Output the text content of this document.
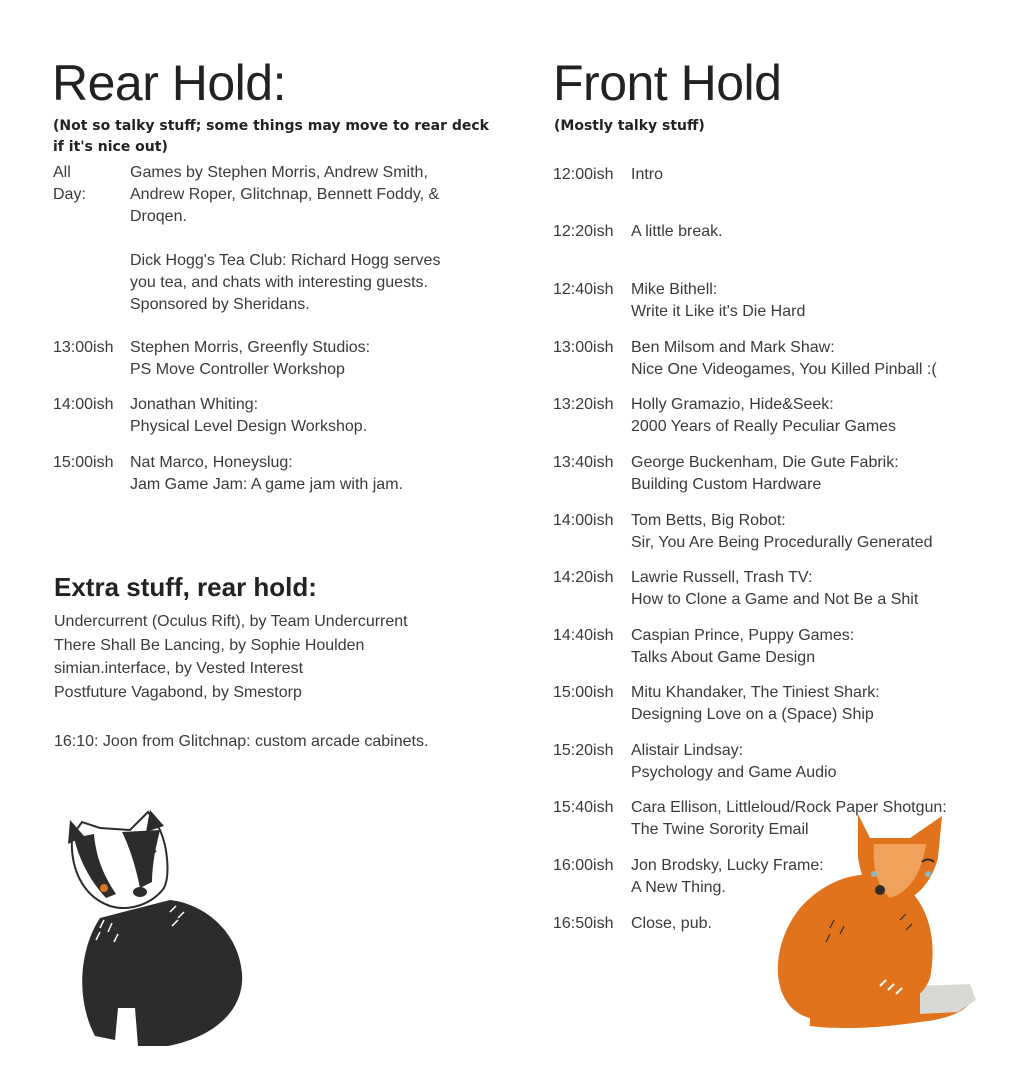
Rear Hold:
(Not so talky stuff; some things may move to rear deck
if it's nice out)
All Day:
Games by Stephen Morris, Andrew Smith,
Andrew Roper, Glitchnap, Bennett Foddy, &
Droqen.
Dick Hogg's Tea Club: Richard Hogg serves
you tea, and chats with interesting guests.
Sponsored by Sheridans.
13:00ish Stephen Morris, Greenfly Studios:
PS Move Controller Workshop
14:00ish Jonathan Whiting:
Physical Level Design Workshop.
15:00ish Nat Marco, Honeyslug:
Jam Game Jam: A game jam with jam.
Extra stuff, rear hold:
Undercurrent (Oculus Rift), by Team Undercurrent
There Shall Be Lancing, by Sophie Houlden
simian.interface, by Vested Interest
Postfuture Vagabond, by Smestorp
16:10: Joon from Glitchnap: custom arcade cabinets.
Front Hold
(Mostly talky stuff)
12:00ish Intro
12:20ish A little break.
12:40ish Mike Bithell:
Write it Like it's Die Hard
13:00ish Ben Milsom and Mark Shaw:
Nice One Videogames, You Killed Pinball :(
13:20ish Holly Gramazio, Hide&Seek:
2000 Years of Really Peculiar Games
13:40ish George Buckenham, Die Gute Fabrik:
Building Custom Hardware
14:00ish Tom Betts, Big Robot:
Sir, You Are Being Procedurally Generated
14:20ish Lawrie Russell, Trash TV:
How to Clone a Game and Not Be a Shit
14:40ish Caspian Prince, Puppy Games:
Talks About Game Design
15:00ish Mitu Khandaker, The Tiniest Shark:
Designing Love on a (Space) Ship
15:20ish Alistair Lindsay:
Psychology and Game Audio
15:40ish Cara Ellison, Littleloud/Rock Paper Shotgun:
The Twine Sorority Email
16:00ish Jon Brodsky, Lucky Frame:
A New Thing.
16:50ish Close, pub.
